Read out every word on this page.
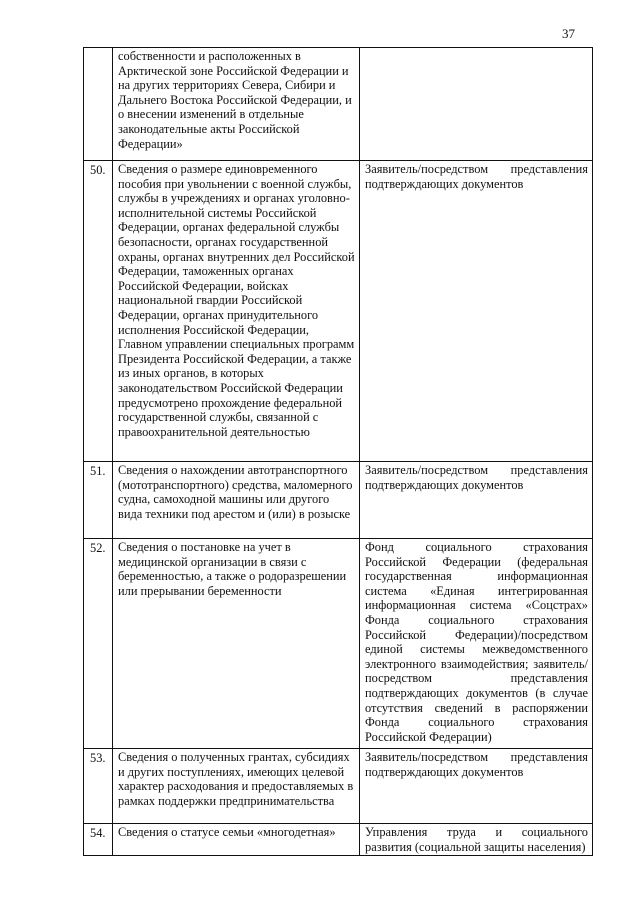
37
	собственности и расположенных в Арктической зоне Российской Федерации и на других территориях Севера, Сибири и Дальнего Востока Российской Федерации, и о внесении изменений в отдельные законодательные акты Российской Федерации»	
50.	Сведения о размере единовременного пособия при увольнении с военной службы, службы в учреждениях и органах уголовно-исполнительной системы Российской Федерации, органах федеральной службы безопасности, органах государственной охраны, органах внутренних дел Российской Федерации, таможенных органах Российской Федерации, войсках национальной гвардии Российской Федерации, органах принудительного исполнения Российской Федерации, Главном управлении специальных программ Президента Российской Федерации, а также из иных органов, в которых законодательством Российской Федерации предусмотрено прохождение федеральной государственной службы, связанной с правоохранительной деятельностью	Заявитель/посредством представления подтверждающих документов
51.	Сведения о нахождении автотранспортного (мототранспортного) средства, маломерного судна, самоходной машины или другого вида техники под арестом и (или) в розыске	Заявитель/посредством представления подтверждающих документов
52.	Сведения о постановке на учет в медицинской организации в связи с беременностью, а также о родоразрешении или прерывании беременности	Фонд социального страхования Российской Федерации (федеральная государственная информационная система «Единая интегрированная информационная система «Соцстрах» Фонда социального страхования Российской Федерации)/посредством единой системы межведомственного электронного взаимодействия; заявитель/посредством представления подтверждающих документов (в случае отсутствия сведений в распоряжении Фонда социального страхования Российской Федерации)
53.	Сведения о полученных грантах, субсидиях и других поступлениях, имеющих целевой характер расходования и предоставляемых в рамках поддержки предпринимательства	Заявитель/посредством представления подтверждающих документов
54.	Сведения о статусе семьи «многодетная»	Управления труда и социального развития (социальной защиты населения)
